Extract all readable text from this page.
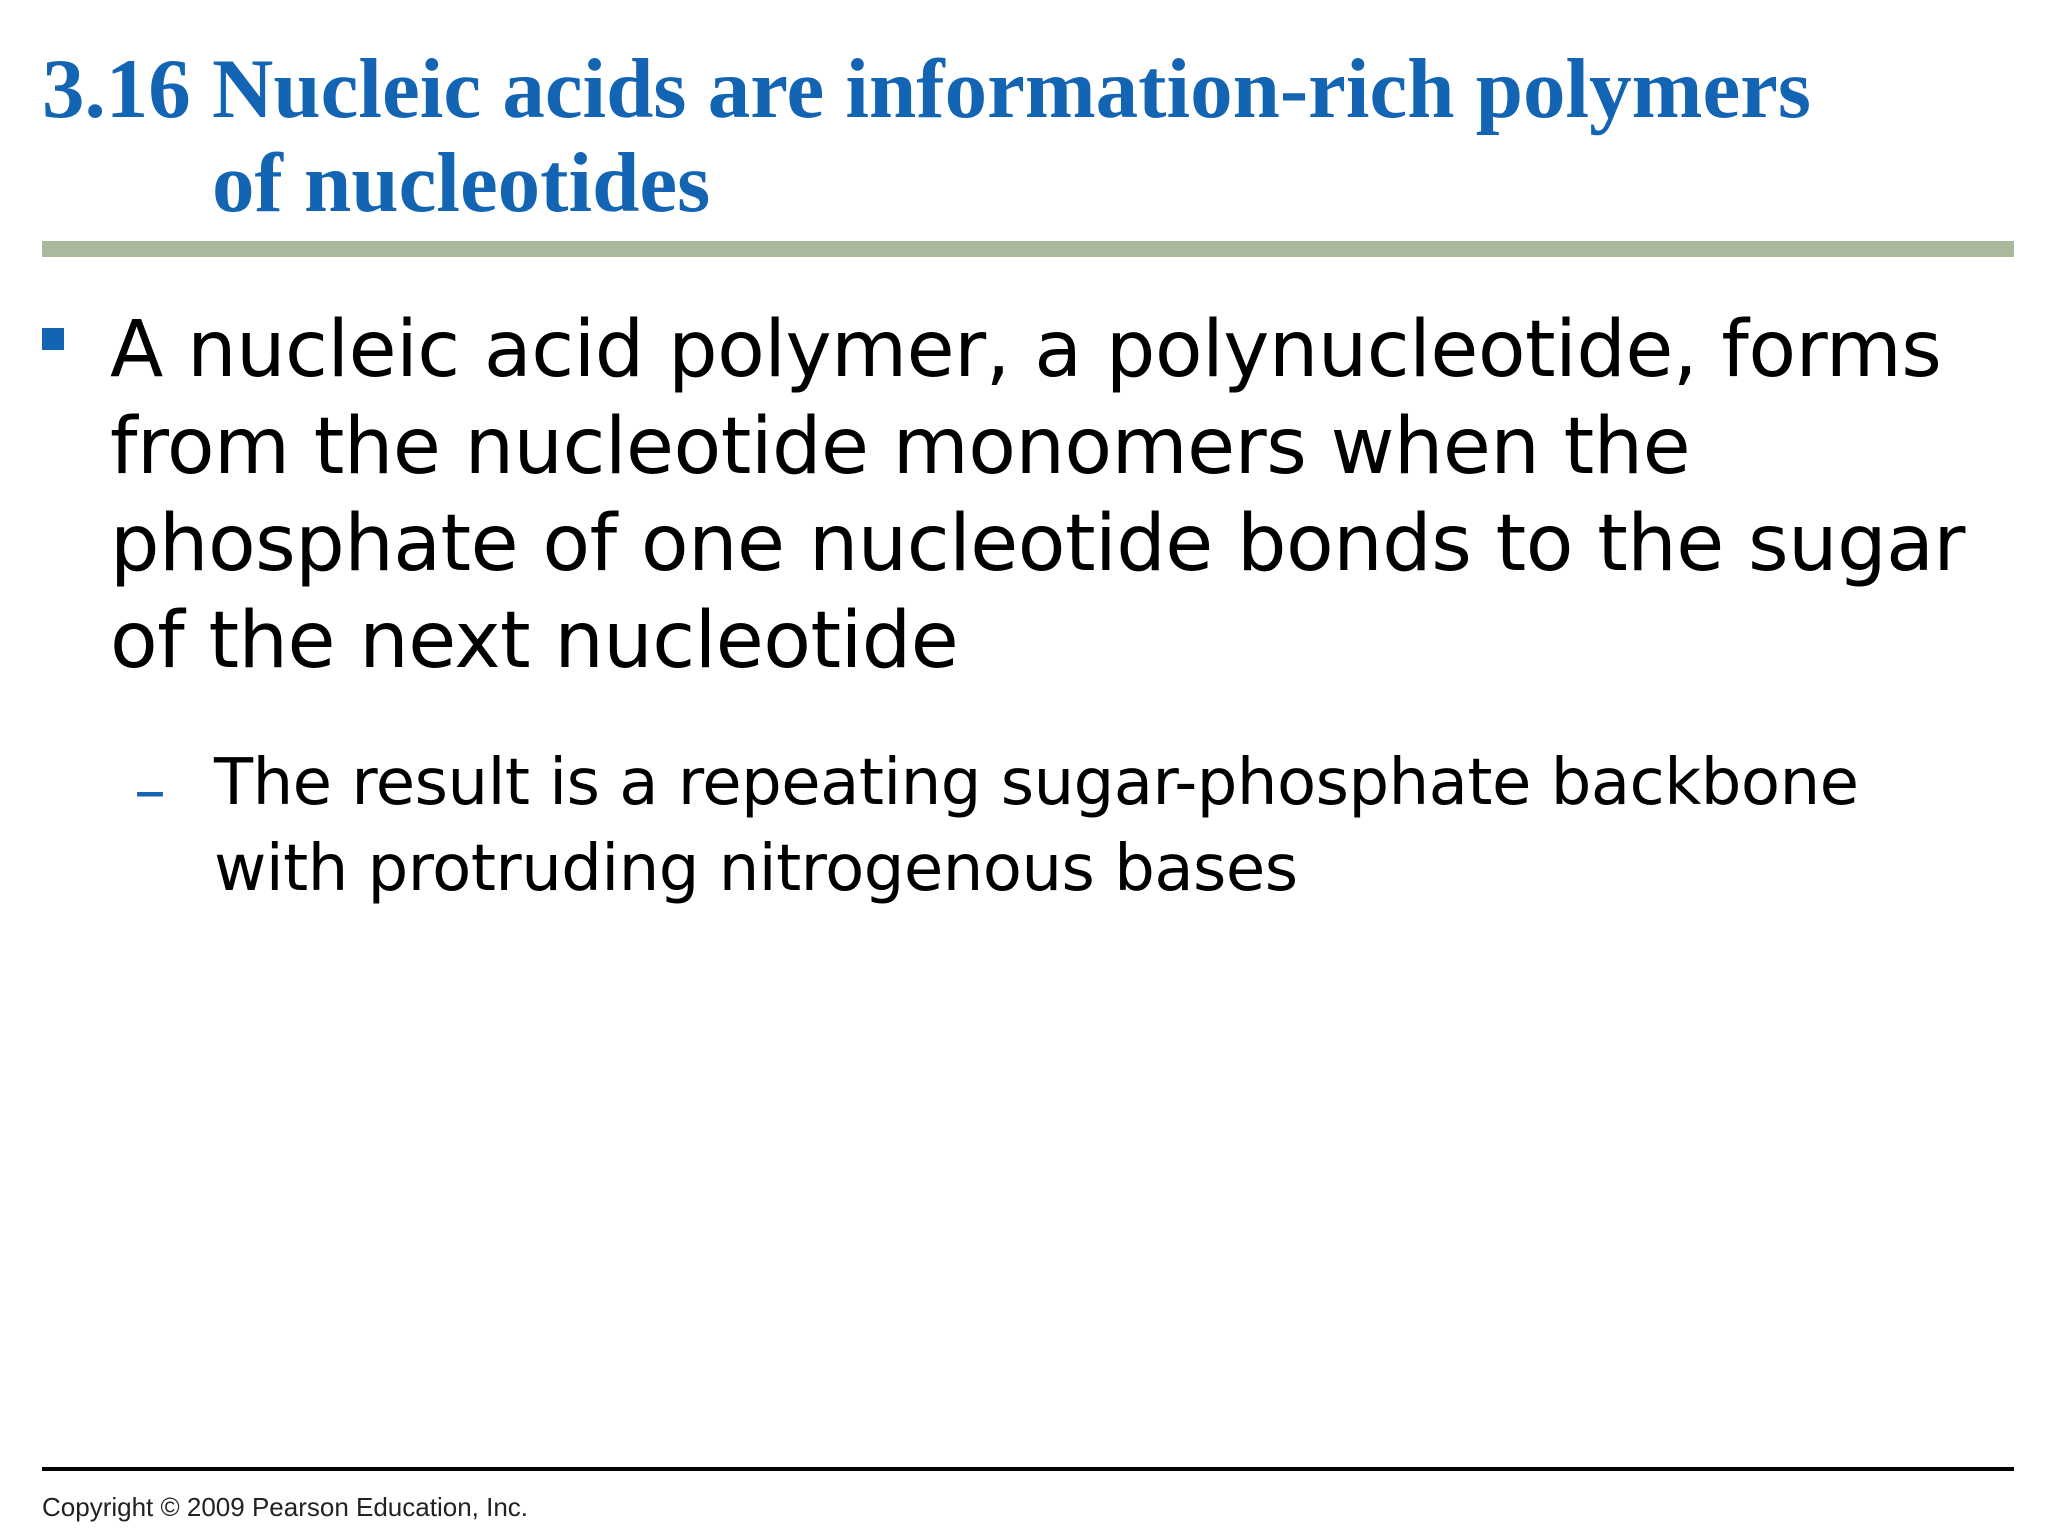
3.16 Nucleic acids are information-rich polymers
of nucleotides

A nucleic acid polymer, a polynucleotide, forms from the nucleotide monomers when the phosphate of one nucleotide bonds to the sugar of the next nucleotide

– The result is a repeating sugar-phosphate backbone with protruding nitrogenous bases

Copyright © 2009 Pearson Education, Inc.
